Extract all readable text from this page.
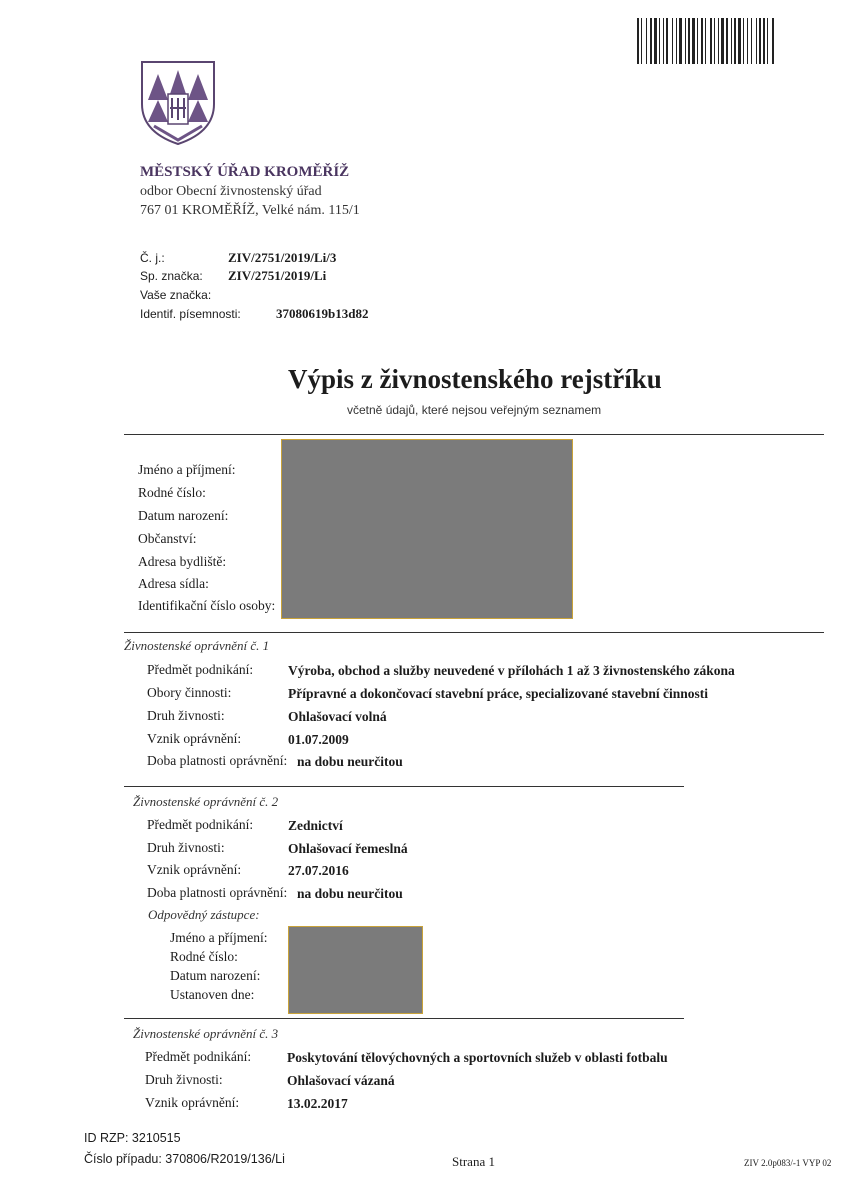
MĚSTSKÝ ÚŘAD KROMĚŘÍŽ
odbor Obecní živnostenský úřad
767 01 KROMĚŘÍŽ, Velké nám. 115/1
Č. j.:	ZIV/2751/2019/Li/3
Sp. značka: ZIV/2751/2019/Li
Vaše značka:
Identif. písemnosti:	37080619b13d82
Výpis z živnostenského rejstříku
včetně údajů, které nejsou veřejným seznamem
Jméno a příjmení:
Rodné číslo:
Datum narození:
Občanství:
Adresa bydliště:
Adresa sídla:
Identifikační číslo osoby:
Živnostenské oprávnění č. 1
Předmět podnikání:	Výroba, obchod a služby neuvedené v přílohách 1 až 3 živnostenského zákona
Obory činnosti:	Přípravné a dokončovací stavební práce, specializované stavební činnosti
Druh živnosti:	Ohlašovací volná
Vznik oprávnění:	01.07.2009
Doba platnosti oprávnění: na dobu neurčitou
Živnostenské oprávnění č. 2
Předmět podnikání:	Zednictví
Druh živnosti:	Ohlašovací řemeslná
Vznik oprávnění:	27.07.2016
Doba platnosti oprávnění: na dobu neurčitou
Odpovědný zástupce:
Jméno a příjmení:
Rodné číslo:
Datum narození:
Ustanoven dne:
Živnostenské oprávnění č. 3
Předmět podnikání:	Poskytování tělovýchovných a sportovních služeb v oblasti fotbalu
Druh živnosti:	Ohlašovací vázaná
Vznik oprávnění:	13.02.2017
ID RZP: 3210515
Číslo případu: 370806/R2019/136/Li	Strana 1	ZIV 2.0p083/-1 VYP 02
